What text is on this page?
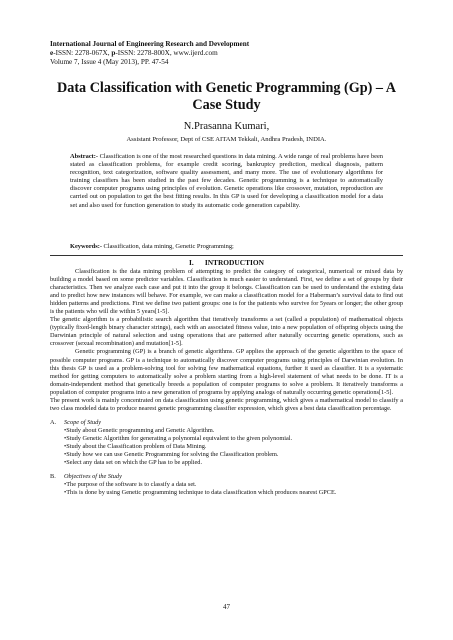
International Journal of Engineering Research and Development
e-ISSN: 2278-067X, p-ISSN: 2278-800X, www.ijerd.com
Volume 7, Issue 4 (May 2013), PP. 47-54
Data Classification with Genetic Programming (Gp) – A Case Study
N.Prasanna Kumari,
Assistant Professor, Dept of CSE AITAM Tekkali, Andhra Pradesh, INDIA.
Abstract:- Classification is one of the most researched questions in data mining. A wide range of real problems have been stated as classification problems, for example credit scoring, bankruptcy prediction, medical diagnosis, pattern recognition, text categorization, software quality assessment, and many more. The use of evolutionary algorithms for training classifiers has been studied in the past few decades. Genetic programming is a technique to automatically discover computer programs using principles of evolution. Genetic operations like crossover, mutation, reproduction are carried out on population to get the best fitting results. In this GP is used for developing a classification model for a data set and also used for function generation to study its automatic code generation capability.
Keywords:- Classification, data mining, Genetic Programming;
I.      INTRODUCTION

Classification is the data mining problem of attempting to predict the category of categorical, numerical or mixed data by building a model based on some predictor variables. Classification is much easier to understand. First, we define a set of groups by their characteristics. Then we analyze each case and put it into the group it belongs. Classification can be used to understand the existing data and to predict how new instances will behave. For example, we can make a classification model for a Haberman’s survival data to find out hidden patterns and predictions. First we define two patient groups: one is for the patients who survive for 5years or longer; the other group is the patients who will die within 5 years[1-5].

The genetic algorithm is a probabilistic search algorithm that iteratively transforms a set (called a population) of mathematical objects (typically fixed-length binary character strings), each with an associated fitness value, into a new population of offspring objects using the Darwinian principle of natural selection and using operations that are patterned after naturally occurring genetic operations, such as crossover (sexual recombination) and mutation[1-5].

Genetic programming (GP) is a branch of genetic algorithms. GP applies the approach of the genetic algorithm to the space of possible computer programs. GP is a technique to automatically discover computer programs using principles of Darwinian evolution. In this thesis GP is used as a problem-solving tool for solving few mathematical equations, further it used as classifier. It is a systematic method for getting computers to automatically solve a problem starting from a high-level statement of what needs to be done. IT is a domain-independent method that genetically breeds a population of computer programs to solve a problem. It iteratively transforms a population of computer programs into a new generation of programs by applying analogs of naturally occurring genetic operations[1-5].

The present work is mainly concentrated on data classification using genetic programming, which gives a mathematical model to classify a two class modeled data to produce nearest genetic programming classifier expression, which gives a best data classification percentage.

A. Scope of Study
•Study about Genetic programming and Genetic Algorithm.
•Study Genetic Algorithm for generating a polynomial equivalent to the given polynomial.
•Study about the Classification problem of Data Mining.
•Study how we can use Genetic Programming for solving the Classification problem.
•Select any data set on which the GP has to be applied.
B. Objectives of the Study
•The purpose of the software is to classify a data set.
•This is done by using Genetic programming technique to data classification which produces nearest GPCE.
47
